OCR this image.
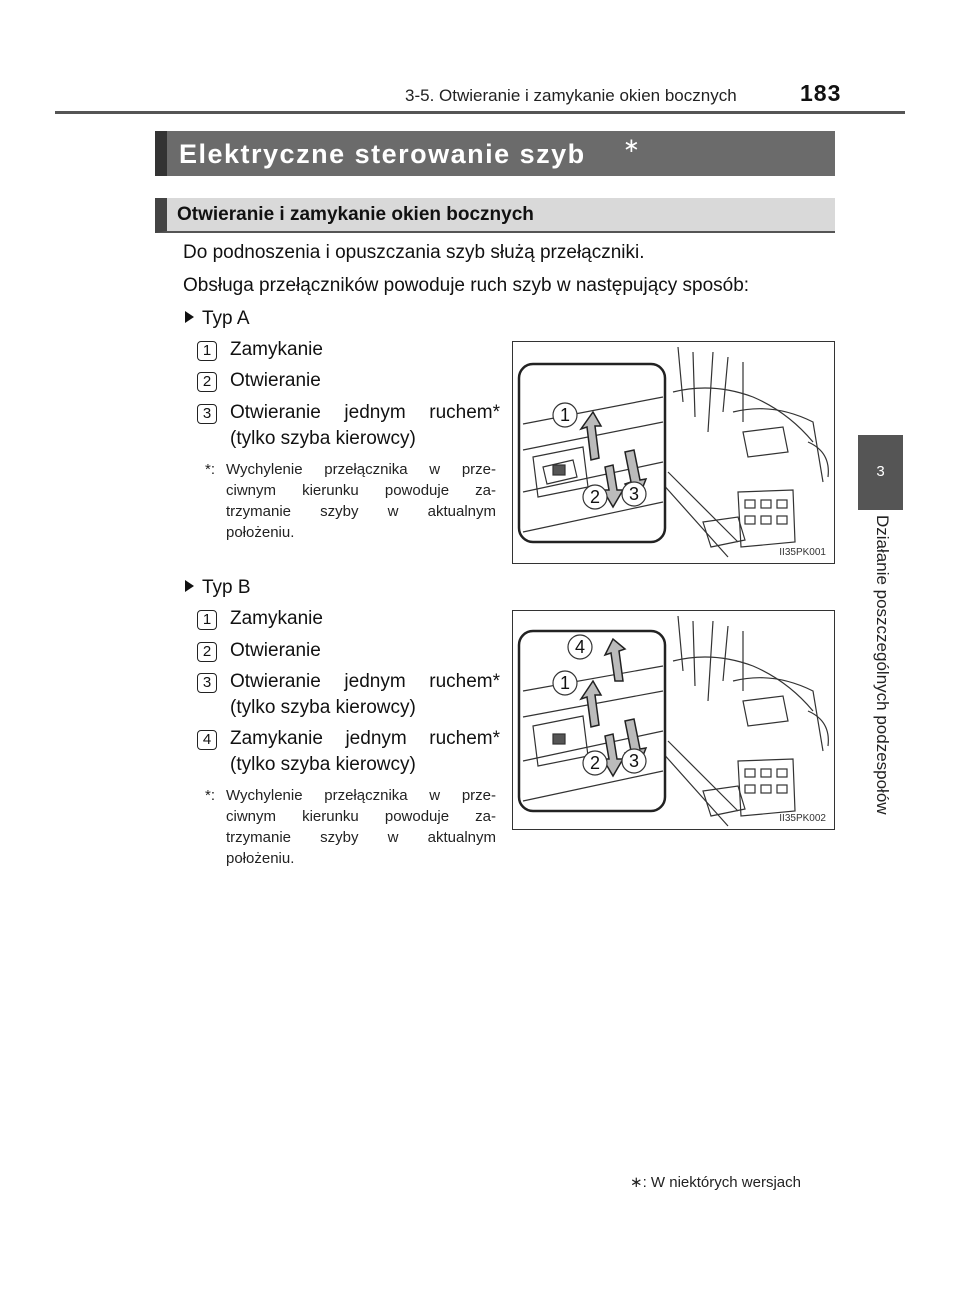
3-5. Otwieranie i zamykanie okien bocznych	183
3
Działanie poszczególnych podzespołów
Elektryczne sterowanie szyb ∗
Otwieranie i zamykanie okien bocznych
Do podnoszenia i opuszczania szyb służą przełączniki.
Obsługa przełączników powoduje ruch szyb w następujący sposób:
Typ A
1 Zamykanie
2 Otwieranie
3 Otwieranie jednym ruchem*
(tylko szyba kierowcy)
*: Wychylenie przełącznika w prze-
ciwnym kierunku powoduje za-
trzymanie szyby w aktualnym
położeniu.
1
2 3
II35PK001
Typ B
1 Zamykanie
2 Otwieranie
3 Otwieranie jednym ruchem*
(tylko szyba kierowcy)
4 Zamykanie jednym ruchem*
(tylko szyba kierowcy)
*: Wychylenie przełącznika w prze-
ciwnym kierunku powoduje za-
trzymanie szyby w aktualnym
położeniu.
4
1
2 3
II35PK002
∗: W niektórych wersjach
